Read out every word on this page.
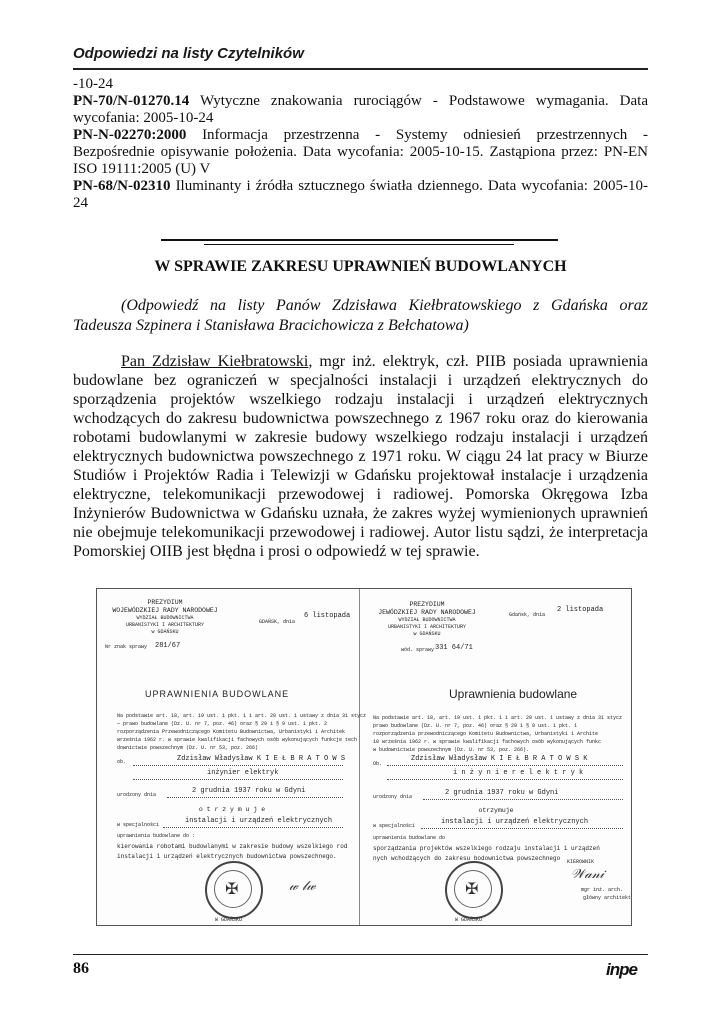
Odpowiedzi na listy Czytelników
-10-24
PN-70/N-01270.14 Wytyczne znakowania rurociągów - Podstawowe wymagania. Data wycofania: 2005-10-24
PN-N-02270:2000 Informacja przestrzenna - Systemy odniesień przestrzennych - Bezpośrednie opisywanie położenia. Data wycofania: 2005-10-15. Zastąpiona przez: PN-EN ISO 19111:2005 (U) V
PN-68/N-02310 Iluminanty i źródła sztucznego światła dziennego. Data wycofania: 2005-10-24
W SPRAWIE ZAKRESU UPRAWNIEŃ BUDOWLANYCH
(Odpowiedź na listy Panów Zdzisława Kiełbratowskiego z Gdańska oraz Tadeusza Szpinera i Stanisława Bracichowicza z Bełchatowa)
Pan Zdzisław Kiełbratowski, mgr inż. elektryk, czł. PIIB posiada uprawnienia budowlane bez ograniczeń w specjalności instalacji i urządzeń elektrycznych do sporządzenia projektów wszelkiego rodzaju instalacji i urządzeń elektrycznych wchodzących do zakresu budownictwa powszechnego z 1967 roku oraz do kierowania robotami budowlanymi w zakresie budowy wszelkiego rodzaju instalacji i urządzeń elektrycznych budownictwa powszechnego z 1971 roku. W ciągu 24 lat pracy w Biurze Studiów i Projektów Radia i Telewizji w Gdańsku projektował instalacje i urządzenia elektryczne, telekomunikacji przewodowej i radiowej. Pomorska Okręgowa Izba Inżynierów Budownictwa w Gdańsku uznała, że zakres wyżej wymienionych uprawnień nie obejmuje telekomunikacji przewodowej i radiowej. Autor listu sądzi, że interpretacja Pomorskiej OIIB jest błędna i prosi o odpowiedź w tej sprawie.
PREZYDIUM
WOJEWÓDZKIEJ RADY NARODOWEJ
WYDZIAŁ BUDOWNICTWA
URBANISTYKI I ARCHITEKTURY
w GDAŃSKU
GDAŃSK, dnia
6 listopada
Nr znak sprawy 281/67
UPRAWNIENIA BUDOWLANE
Na podstawie art. 18, art. 19 ust. 1 pkt. 1 i art. 20 ust. 1 ustawy z dnia 31 stycz
— prawo budowlane (Dz. U. nr 7, poz. 46) oraz § 29 i § 9 ust. 1 pkt. 2
rozporządzenia Przewodniczącego Komitetu Budownictwa, Urbanistyki i Architek
września 1962 r. w sprawie kwalifikacji fachowych osób wykonujących funkcje tech
downictwie powszechnym (Dz. U. nr 53, poz. 266)
ob.	Zdzisław Władysław K I E Ł B R A T O W S
inżynier elektryk
urodzony dnia	2 grudnia 1937 roku w Gdyni
o t r z y m u j e
w specjalności	instalacji i urządzeń elektrycznych
uprawnienia budowlane do :
kierowania robotami budowlanymi w zakresie budowy wszelkiego rod
instalacji i urządzeń elektrycznych budownictwa powszechnego.
✠
W GDAŃSKU
𝓌 𝓁𝓌
PREZYDIUM
JEWÓDZKIEJ RADY NARODOWEJ
WYDZIAŁ BUDOWNICTWA
URBANISTYKI I ARCHITEKTURY
w GDAŃSKU
Gdańsk, dnia
2 listopada
wód. sprawy 331 64/71
Uprawnienia budowlane
Na podstawie art. 18, art. 19 ust. 1 pkt. 1 i art. 20 ust. 1 ustawy z dnia 31 stycz
prawo budowlane (Dz. U. nr 7, poz. 46) oraz § 29 i § 9 ust. 1 pkt. 1
rozporządzenia przewodniczącego Komitetu Budownictwa, Urbanistyki i Archite
10 września 1962 r. w sprawie kwalifikacji fachowych osób wykonujących funkc
w budownictwie powszechnym (Dz. U. nr 53, poz. 266).
Ob.
Zdzisław Władysław K I E Ł B R A T O W S K
i n ż y n i e r e l e k t r y k
urodzony dnia	2 grudnia 1937 roku w Gdyni
otrzymuje
w specjalności	instalacji i urządzeń elektrycznych
uprawnienia budowlane do
sporządzania projektów wszelkiego rodzaju instalacji i urządzeń
nych wchodzących do zakresu bodownictwa powszechnego
✠
W GDAŃSKU
KIEROWNIK
𝒲𝒶𝓃𝒾
mgr inż. arch.
główny architekt
86	inpe
